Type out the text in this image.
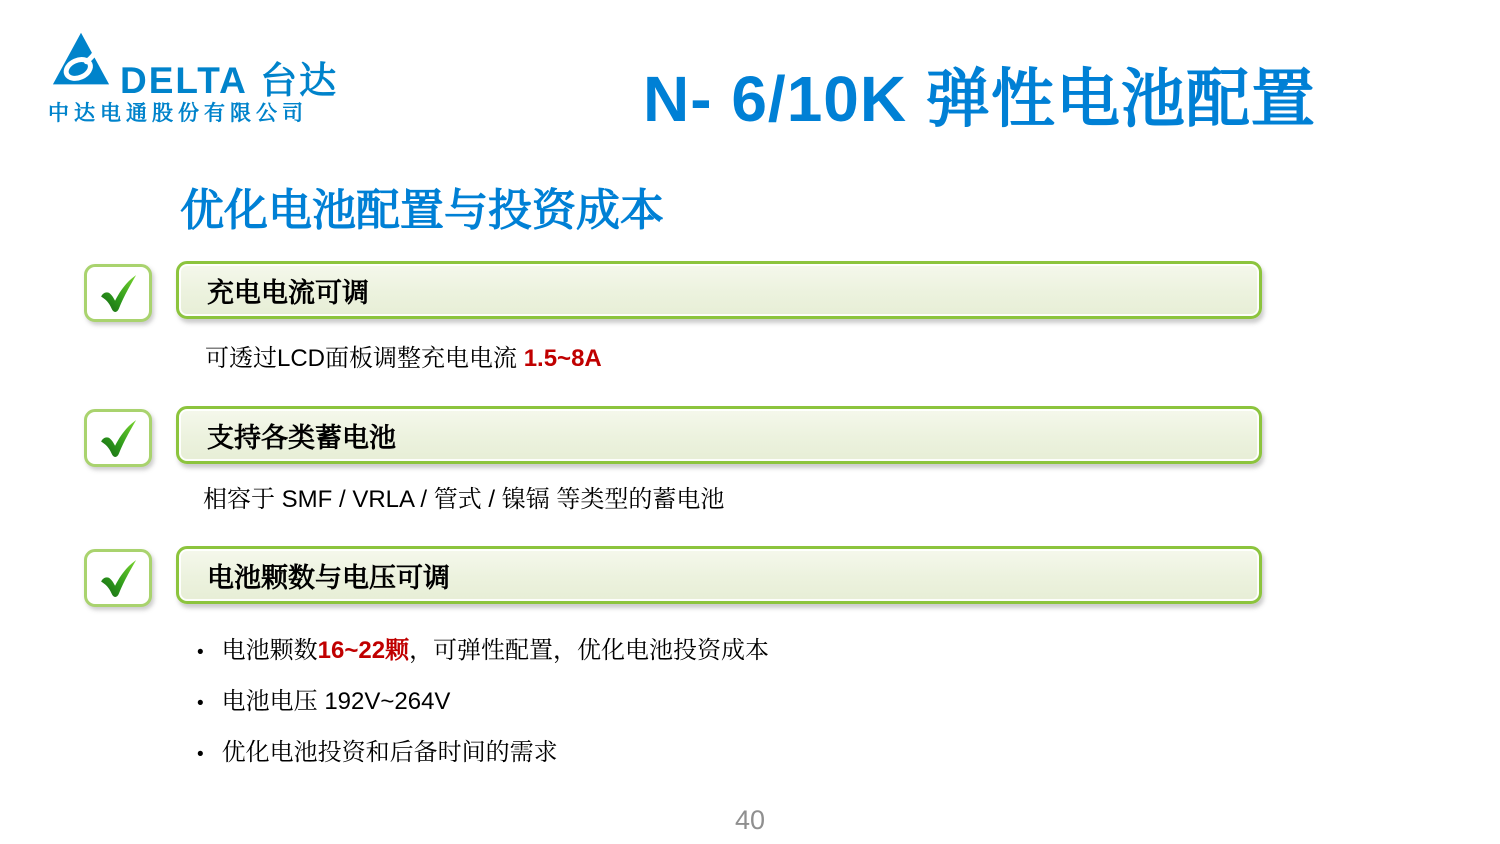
DELTA 台达
中达电通股份有限公司	N- 6/10K 弹性电池配置
优化电池配置与投资成本
充电电流可调
可透过LCD面板调整充电电流 1.5~8A
支持各类蓄电池
相容于 SMF / VRLA / 管式 / 镍镉 等类型的蓄电池
电池颗数与电压可调
• 电池颗数 16~22颗 ，可弹性配置，优化电池投资成本
• 电池电压 192V~264V
• 优化电池投资和后备时间的需求
40
